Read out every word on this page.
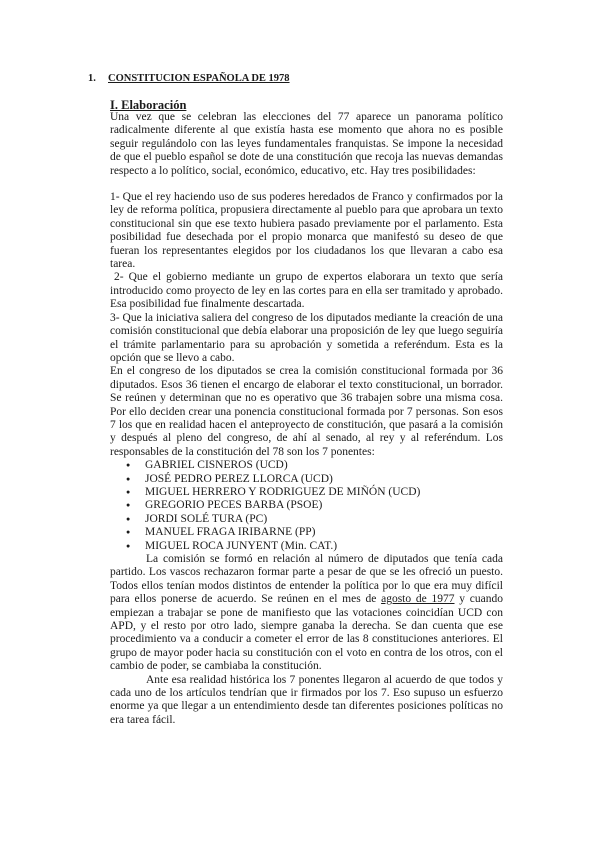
1. CONSTITUCION ESPAÑOLA DE 1978
I. Elaboración

Una vez que se celebran las elecciones del 77 aparece un panorama político radicalmente diferente al que existía hasta ese momento que ahora no es posible seguir regulándolo con las leyes fundamentales franquistas. Se impone la necesidad de que el pueblo español se dote de una constitución que recoja las nuevas demandas respecto a lo político, social, económico, educativo, etc. Hay tres posibilidades:

1- Que el rey haciendo uso de sus poderes heredados de Franco y confirmados por la ley de reforma política, propusiera directamente al pueblo para que aprobara un texto constitucional sin que ese texto hubiera pasado previamente por el parlamento. Esta posibilidad fue desechada por el propio monarca que manifestó su deseo de que fueran los representantes elegidos por los ciudadanos los que llevaran a cabo esa tarea.

2- Que el gobierno mediante un grupo de expertos elaborara un texto que sería introducido como proyecto de ley en las cortes para en ella ser tramitado y aprobado. Esa posibilidad fue finalmente descartada.

3- Que la iniciativa saliera del congreso de los diputados mediante la creación de una comisión constitucional que debía elaborar una proposición de ley que luego seguiría el trámite parlamentario para su aprobación y sometida a referéndum. Esta es la opción que se llevo a cabo.

En el congreso de los diputados se crea la comisión constitucional formada por 36 diputados. Esos 36 tienen el encargo de elaborar el texto constitucional, un borrador. Se reúnen y determinan que no es operativo que 36 trabajen sobre una misma cosa. Por ello deciden crear una ponencia constitucional formada por 7 personas. Son esos 7 los que en realidad hacen el anteproyecto de constitución, que pasará a la comisión y después al pleno del congreso, de ahí al senado, al rey y al referéndum. Los responsables de la constitución del 78 son los 7 ponentes:

● GABRIEL CISNEROS (UCD)
● JOSÉ PEDRO PEREZ LLORCA (UCD)
● MIGUEL HERRERO Y RODRIGUEZ DE MIÑÓN (UCD)
● GREGORIO PECES BARBA (PSOE)
● JORDI SOLÉ TURA (PC)
● MANUEL FRAGA IRIBARNE (PP)
● MIGUEL ROCA JUNYENT (Min. CAT.)

La comisión se formó en relación al número de diputados que tenía cada partido. Los vascos rechazaron formar parte a pesar de que se les ofreció un puesto. Todos ellos tenían modos distintos de entender la política por lo que era muy difícil para ellos ponerse de acuerdo. Se reúnen en el mes de agosto de 1977 y cuando empiezan a trabajar se pone de manifiesto que las votaciones coincidían UCD con APD, y el resto por otro lado, siempre ganaba la derecha. Se dan cuenta que ese procedimiento va a conducir a cometer el error de las 8 constituciones anteriores. El grupo de mayor poder hacia su constitución con el voto en contra de los otros, con el cambio de poder, se cambiaba la constitución.

Ante esa realidad histórica los 7 ponentes llegaron al acuerdo de que todos y cada uno de los artículos tendrían que ir firmados por los 7. Eso supuso un esfuerzo enorme ya que llegar a un entendimiento desde tan diferentes posiciones políticas no era tarea fácil.
